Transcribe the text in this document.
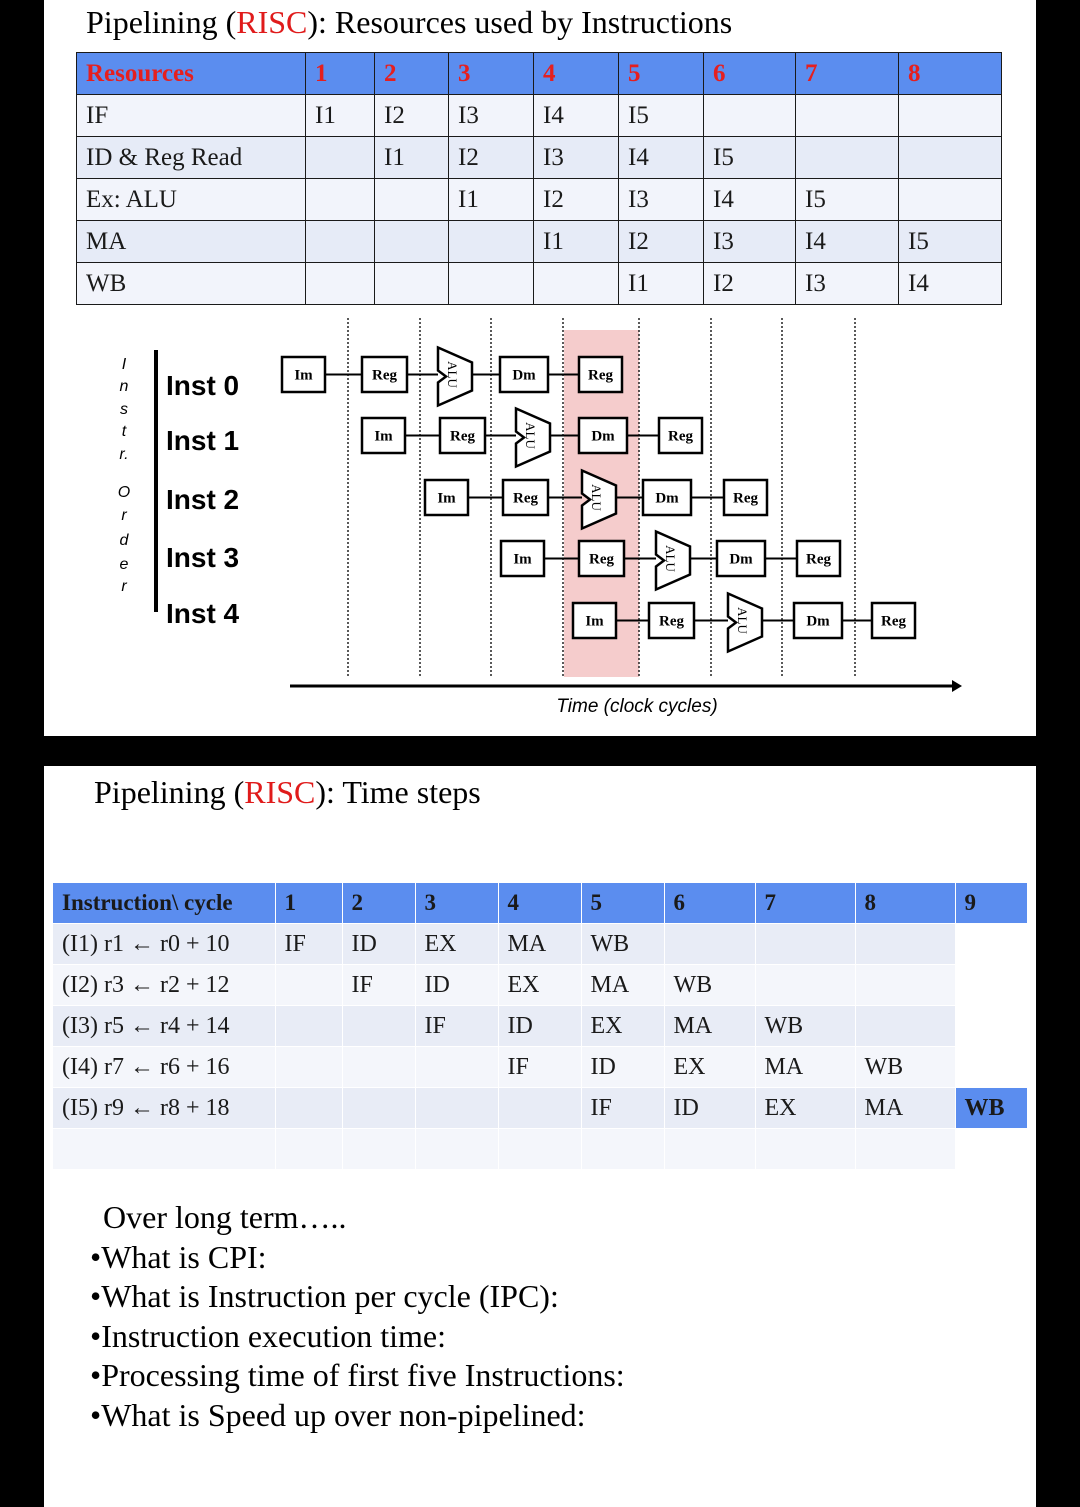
Pipelining (RISC): Resources used by Instructions
Resources	1	2	3	4	5	6	7	8
IF	I1	I2	I3	I4	I5			
ID & Reg Read		I1	I2	I3	I4	I5		
Ex: ALU			I1	I2	I3	I4	I5	
MA				I1	I2	I3	I4	I5
WB					I1	I2	I3	I4
I
n
s
t
r.
O
r
d
e
r
Inst 0
Inst 1
Inst 2
Inst 3
Inst 4
Time (clock cycles)
Im	Reg	ALU	Dm	Reg
Im	Reg	ALU	Dm	Reg
Im	Reg	ALU	Dm	Reg
Im	Reg	ALU	Dm	Reg
Im	Reg	ALU	Dm	Reg
Pipelining (RISC): Time steps
Instruction\ cycle	1	2	3	4	5	6	7	8	9
(I1) r1 ← r0 + 10	IF	ID	EX	MA	WB				
(I2) r3 ← r2 + 12		IF	ID	EX	MA	WB			
(I3) r5 ← r4 + 14			IF	ID	EX	MA	WB		
(I4) r7 ← r6 + 16				IF	ID	EX	MA	WB	
(I5) r9 ← r8 + 18					IF	ID	EX	MA	WB

Over long term…..
•What is CPI:
•What is Instruction per cycle (IPC):
•Instruction execution time:
•Processing time of first five Instructions:
•What is Speed up over non-pipelined:
